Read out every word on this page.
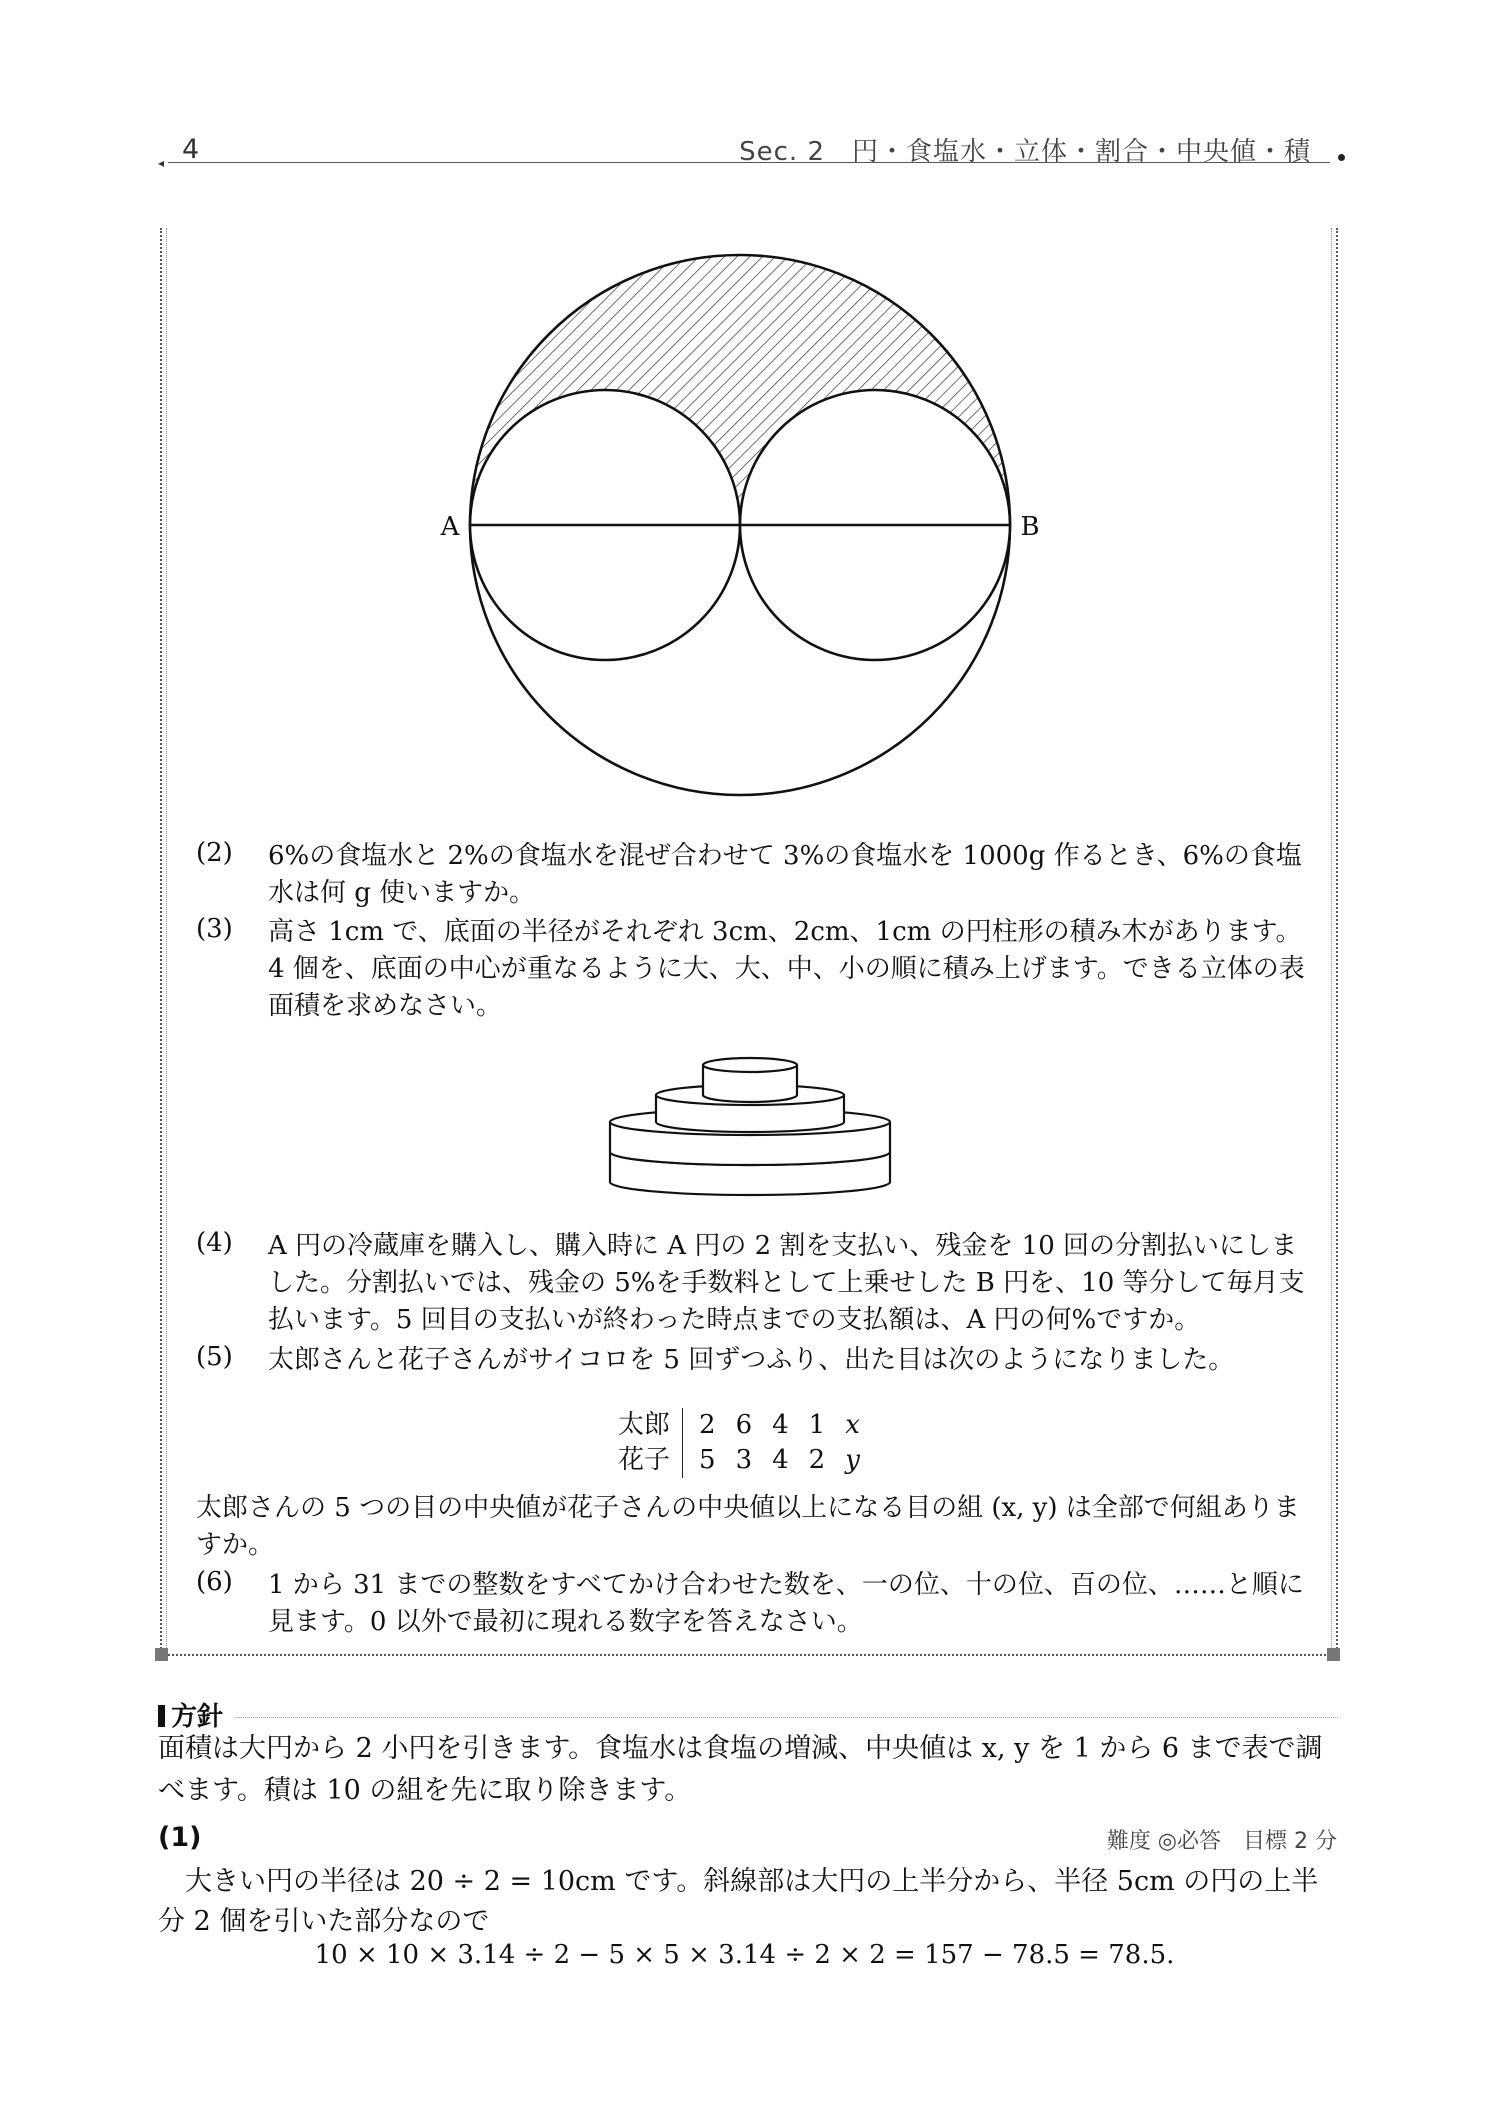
◂ 4	Sec. 2　円・食塩水・立体・割合・中央値・積
A	B
(2) 6%の食塩水と 2%の食塩水を混ぜ合わせて 3%の食塩水を 1000g 作るとき、6%の食塩水は何 g 使いますか。
(3) 高さ 1cm で、底面の半径がそれぞれ 3cm、2cm、1cm の円柱形の積み木があります。4 個を、底面の中心が重なるように大、大、中、小の順に積み上げます。できる立体の表面積を求めなさい。
(4) A 円の冷蔵庫を購入し、購入時に A 円の 2 割を支払い、残金を 10 回の分割払いにしました。分割払いでは、残金の 5%を手数料として上乗せした B 円を、10 等分して毎月支払います。5 回目の支払いが終わった時点までの支払額は、A 円の何%ですか。
(5) 太郎さんと花子さんがサイコロを 5 回ずつふり、出た目は次のようになりました。
太郎	2	6	4	1	x
花子	5	3	4	2	y
太郎さんの 5 つの目の中央値が花子さんの中央値以上になる目の組 (x, y) は全部で何組ありますか。
(6) 1 から 31 までの整数をすべてかけ合わせた数を、一の位、十の位、百の位、……と順に見ます。0 以外で最初に現れる数字を答えなさい。
方針
面積は大円から 2 小円を引きます。食塩水は食塩の増減、中央値は x, y を 1 から 6 まで表で調べます。積は 10 の組を先に取り除きます。
(1)	難度 ◎必答　目標 2 分
大きい円の半径は 20 ÷ 2 = 10cm です。斜線部は大円の上半分から、半径 5cm の円の上半分 2 個を引いた部分なので
10 × 10 × 3.14 ÷ 2 − 5 × 5 × 3.14 ÷ 2 × 2 = 157 − 78.5 = 78.5.
